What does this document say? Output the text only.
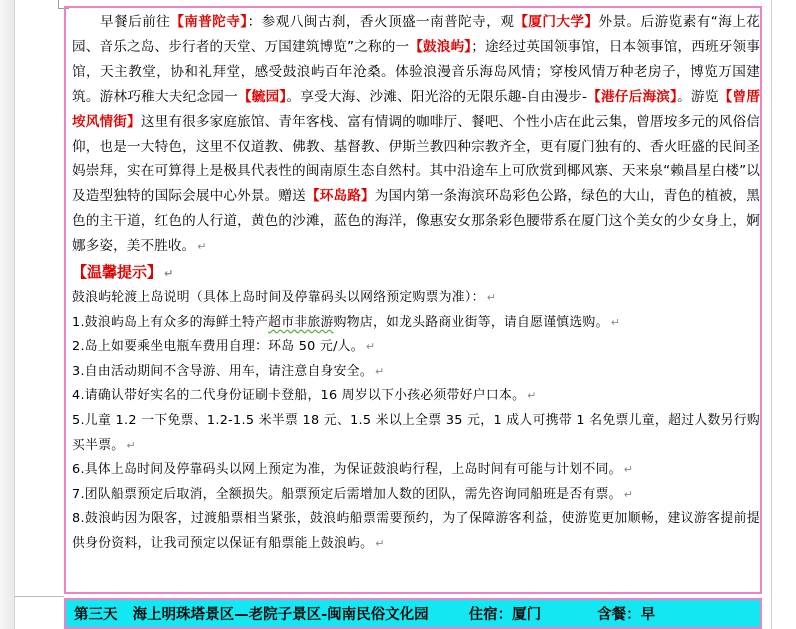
早餐后前往【南普陀寺】：参观八闽古刹，香火顶盛一南普陀寺，观【厦门大学】外景。后游览素有“海上花园、音乐之岛、步行者的天堂、万国建筑博览”之称的一【鼓浪屿】；途经过英国领事馆，日本领事馆，西班牙领事馆，天主教堂，协和礼拜堂，感受鼓浪屿百年沧桑。体验浪漫音乐海岛风情；穿梭风情万种老房子，博览万国建筑。游林巧稚大夫纪念园一【毓园】。享受大海、沙滩、阳光浴的无限乐趣-自由漫步-【港仔后海滨】。游览【曾厝垵风情街】这里有很多家庭旅馆、青年客栈、富有情调的咖啡厅、餐吧、个性小店在此云集，曾厝垵多元的风俗信仰，也是一大特色，这里不仅道教、佛教、基督教、伊斯兰教四种宗教齐全，更有厦门独有的、香火旺盛的民间圣妈崇拜，实在可算得上是极具代表性的闽南原生态自然村。其中沿途车上可欣赏到椰风寨、天来泉“赖昌星白楼”以及造型独特的国际会展中心外景。赠送【环岛路】为国内第一条海滨环岛彩色公路，绿色的大山，青色的植被，黑色的主干道，红色的人行道，黄色的沙滩，蓝色的海洋，像惠安女那条彩色腰带系在厦门这个美女的少女身上，婀娜多姿，美不胜收。 ↵

【温馨提示】 ↵

鼓浪屿轮渡上岛说明（具体上岛时间及停靠码头以网络预定购票为准）： ↵

1.鼓浪屿岛上有众多的海鲜土特产超市非旅游购物店，如龙头路商业街等，请自愿谨慎选购。 ↵

2.岛上如要乘坐电瓶车费用自理：环岛 50 元/人。 ↵

3.自由活动期间不含导游、用车，请注意自身安全。 ↵

4.请确认带好实名的二代身份证刷卡登船，16 周岁以下小孩必须带好户口本。 ↵

5.儿童 1.2 一下免票、1.2-1.5 米半票 18 元、1.5 米以上全票 35 元，1 成人可携带 1 名免票儿童，超过人数另行购买半票。 ↵

6.具体上岛时间及停靠码头以网上预定为准，为保证鼓浪屿行程，上岛时间有可能与计划不同。 ↵

7.团队船票预定后取消，全额损失。船票预定后需增加人数的团队，需先咨询同船班是否有票。 ↵

8.鼓浪屿因为限客，过渡船票相当紧张，鼓浪屿船票需要预约，为了保障游客利益，使游览更加顺畅，建议游客提前提供身份资料，让我司预定以保证有船票能上鼓浪屿。 ↵

第三天   海上明珠塔景区—老院子景区-闽南民俗文化园	住宿：厦门	含餐：早
